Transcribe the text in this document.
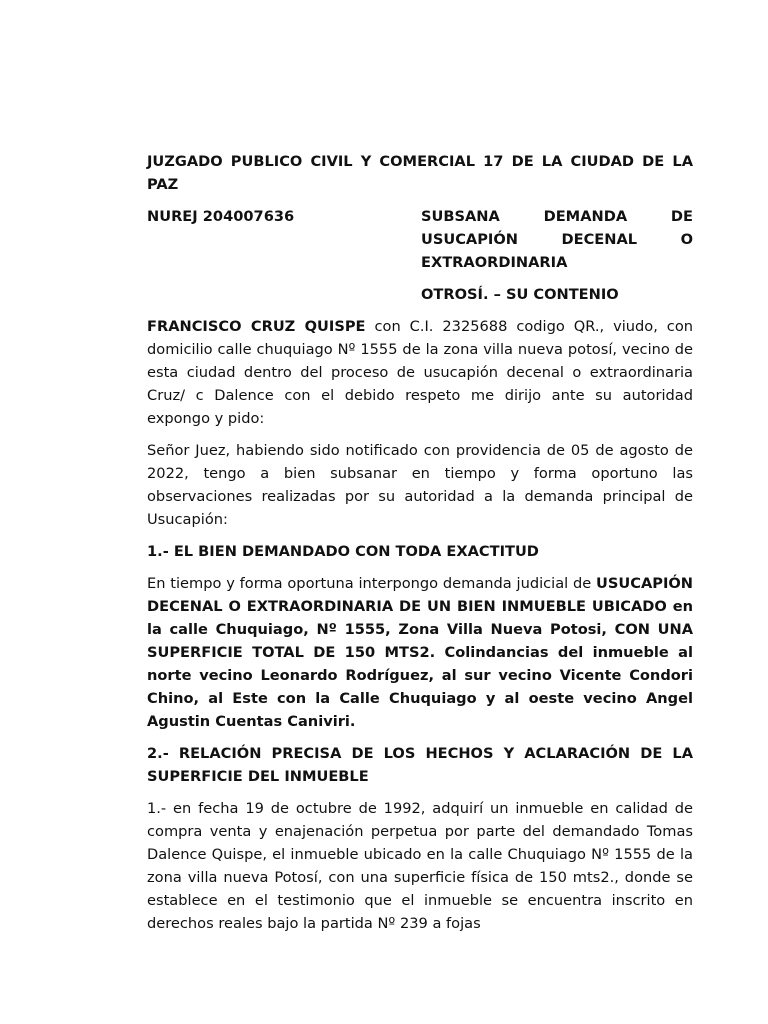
JUZGADO PUBLICO CIVIL Y COMERCIAL 17 DE LA CIUDAD DE LA PAZ

NUREJ 204007636	SUBSANA DEMANDA DE USUCAPIÓN DECENAL O EXTRAORDINARIA

OTROSÍ. – SU CONTENIO

FRANCISCO CRUZ QUISPE con C.I. 2325688 codigo QR., viudo, con domicilio calle chuquiago Nº 1555 de la zona villa nueva potosí, vecino de esta ciudad dentro del proceso de usucapión decenal o extraordinaria Cruz/ c Dalence con el debido respeto me dirijo ante su autoridad expongo y pido:

Señor Juez, habiendo sido notificado con providencia de 05 de agosto de 2022, tengo a bien subsanar en tiempo y forma oportuno las observaciones realizadas por su autoridad a la demanda principal de Usucapión:

1.- EL BIEN DEMANDADO CON TODA EXACTITUD

En tiempo y forma oportuna interpongo demanda judicial de USUCAPIÓN DECENAL O EXTRAORDINARIA DE UN BIEN INMUEBLE UBICADO en la calle Chuquiago, Nº 1555, Zona Villa Nueva Potosi, CON UNA SUPERFICIE TOTAL DE 150 MTS2. Colindancias del inmueble al norte vecino Leonardo Rodríguez, al sur vecino Vicente Condori Chino, al Este con la Calle Chuquiago y al oeste vecino Angel Agustin Cuentas Caniviri.

2.- RELACIÓN PRECISA DE LOS HECHOS Y ACLARACIÓN DE LA SUPERFICIE DEL INMUEBLE

1.- en fecha 19 de octubre de 1992, adquirí un inmueble en calidad de compra venta y enajenación perpetua por parte del demandado Tomas Dalence Quispe, el inmueble ubicado en la calle Chuquiago Nº 1555 de la zona villa nueva Potosí, con una superficie física de 150 mts2., donde se establece en el testimonio que el inmueble se encuentra inscrito en derechos reales bajo la partida Nº 239 a fojas
